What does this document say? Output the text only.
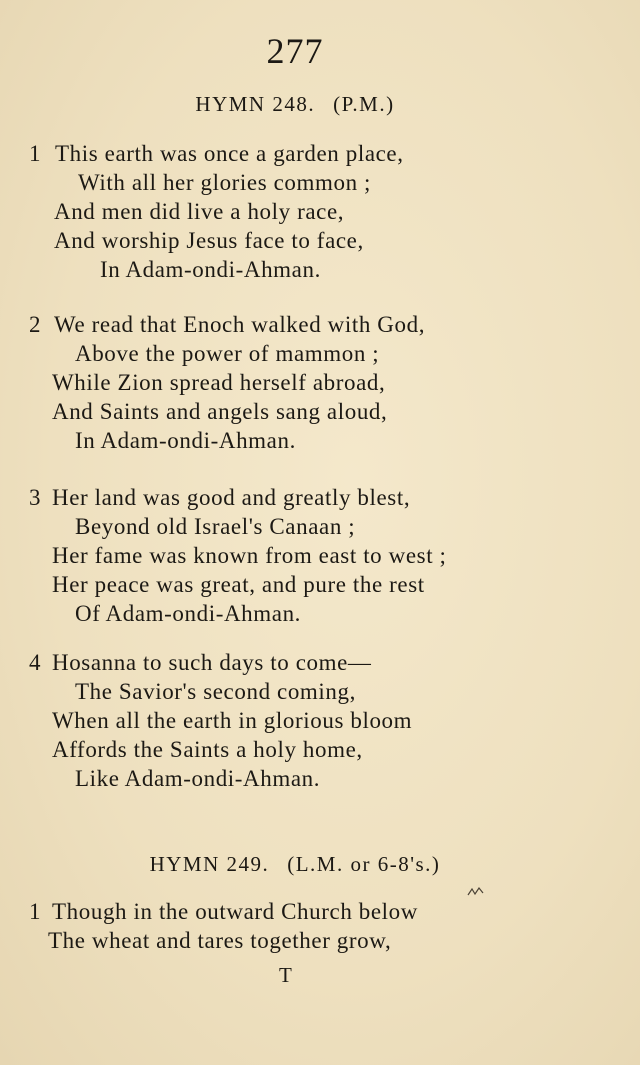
277
HYMN 248. (P.M.)
1 This earth was once a garden place,
With all her glories common ;
And men did live a holy race,
And worship Jesus face to face,
In Adam-ondi-Ahman.
2 We read that Enoch walked with God,
Above the power of mammon ;
While Zion spread herself abroad,
And Saints and angels sang aloud,
In Adam-ondi-Ahman.
3 Her land was good and greatly blest,
Beyond old Israel's Canaan ;
Her fame was known from east to west ;
Her peace was great, and pure the rest
Of Adam-ondi-Ahman.
4 Hosanna to such days to come—
The Savior's second coming,
When all the earth in glorious bloom
Affords the Saints a holy home,
Like Adam-ondi-Ahman.
HYMN 249. (L.M. or 6-8's.)
1 Though in the outward Church below
The wheat and tares together grow,
T
